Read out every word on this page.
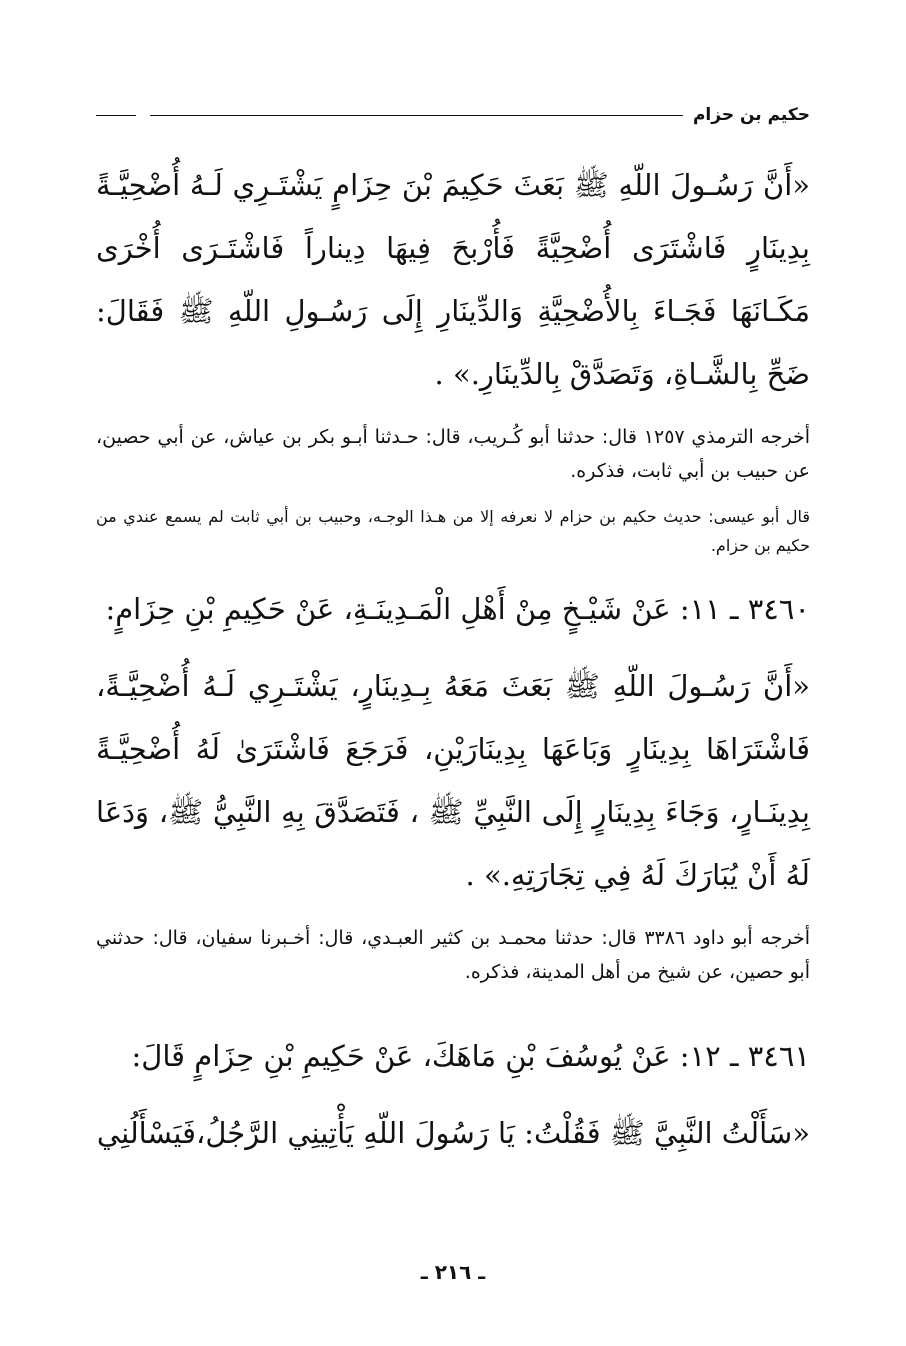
حكيم بن حزام

«أَنَّ رَسُـولَ اللّهِ ﷺ بَعَثَ حَكِيمَ بْنَ حِزَامٍ يَشْتَـرِي لَـهُ أُضْحِيَّـةً بِدِينَارٍ فَاشْتَرَى أُضْحِيَّةً فَأُرْبحَ فِيهَا دِيناراً فَاشْتَـرَى أُخْرَى مَكَـانَهَا فَجَـاءَ بِالأُضْحِيَّةِ وَالدِّينَارِ إِلَى رَسُـولِ اللّهِ ﷺ فَقَالَ: ضَحِّ بِالشَّـاةِ، وَتَصَدَّقْ بِالدِّينَارِ.» .

أخرجه الترمذي ١٢٥٧ قال: حدثنا أبو كُـريب، قال: حـدثنا أبـو بكر بن عياش، عن أبي حصين، عن حبيب بن أبي ثابت، فذكره.

قال أبو عيسى: حديث حكيم بن حزام لا نعرفه إلا من هـذا الوجـه، وحبيب بن أبي ثابت لم يسمع عندي من حكيم بن حزام.

٣٤٦٠ ـ ١١: عَنْ شَيْـخٍ مِنْ أَهْلِ الْمَـدِينَـةِ، عَنْ حَكِيمِ بْنِ حِزَامٍ:

«أَنَّ رَسُـولَ اللّهِ ﷺ بَعَثَ مَعَهُ بِـدِينَارٍ، يَشْتَـرِي لَـهُ أُضْحِيَّـةً، فَاشْتَرَاهَا بِدِينَارٍ وَبَاعَهَا بِدِينَارَيْنِ، فَرَجَعَ فَاشْتَرَىٰ لَهُ أُضْحِيَّـةً بِدِينَـارٍ، وَجَاءَ بِدِينَارٍ إِلَى النَّبِيِّ ﷺ ، فَتَصَدَّقَ بِهِ النَّبِيُّ ﷺ، وَدَعَا لَهُ أَنْ يُبَارَكَ لَهُ فِي تِجَارَتِهِ.» .

أخرجه أبو داود ٣٣٨٦ قال: حدثنا محمـد بن كثير العبـدي، قال: أخـبرنا سفيان، قال: حدثني أبو حصين، عن شيخ من أهل المدينة، فذكره.

٣٤٦١ ـ ١٢: عَنْ يُوسُفَ بْنِ مَاهَكَ، عَنْ حَكِيمِ بْنِ حِزَامٍ قَالَ:

«سَأَلْتُ النَّبِيَّ ﷺ فَقُلْتُ: يَا رَسُولَ اللّهِ يَأْتِينِي الرَّجُلُ،فَيَسْأَلُنِي

ـ ٢١٦ ـ
